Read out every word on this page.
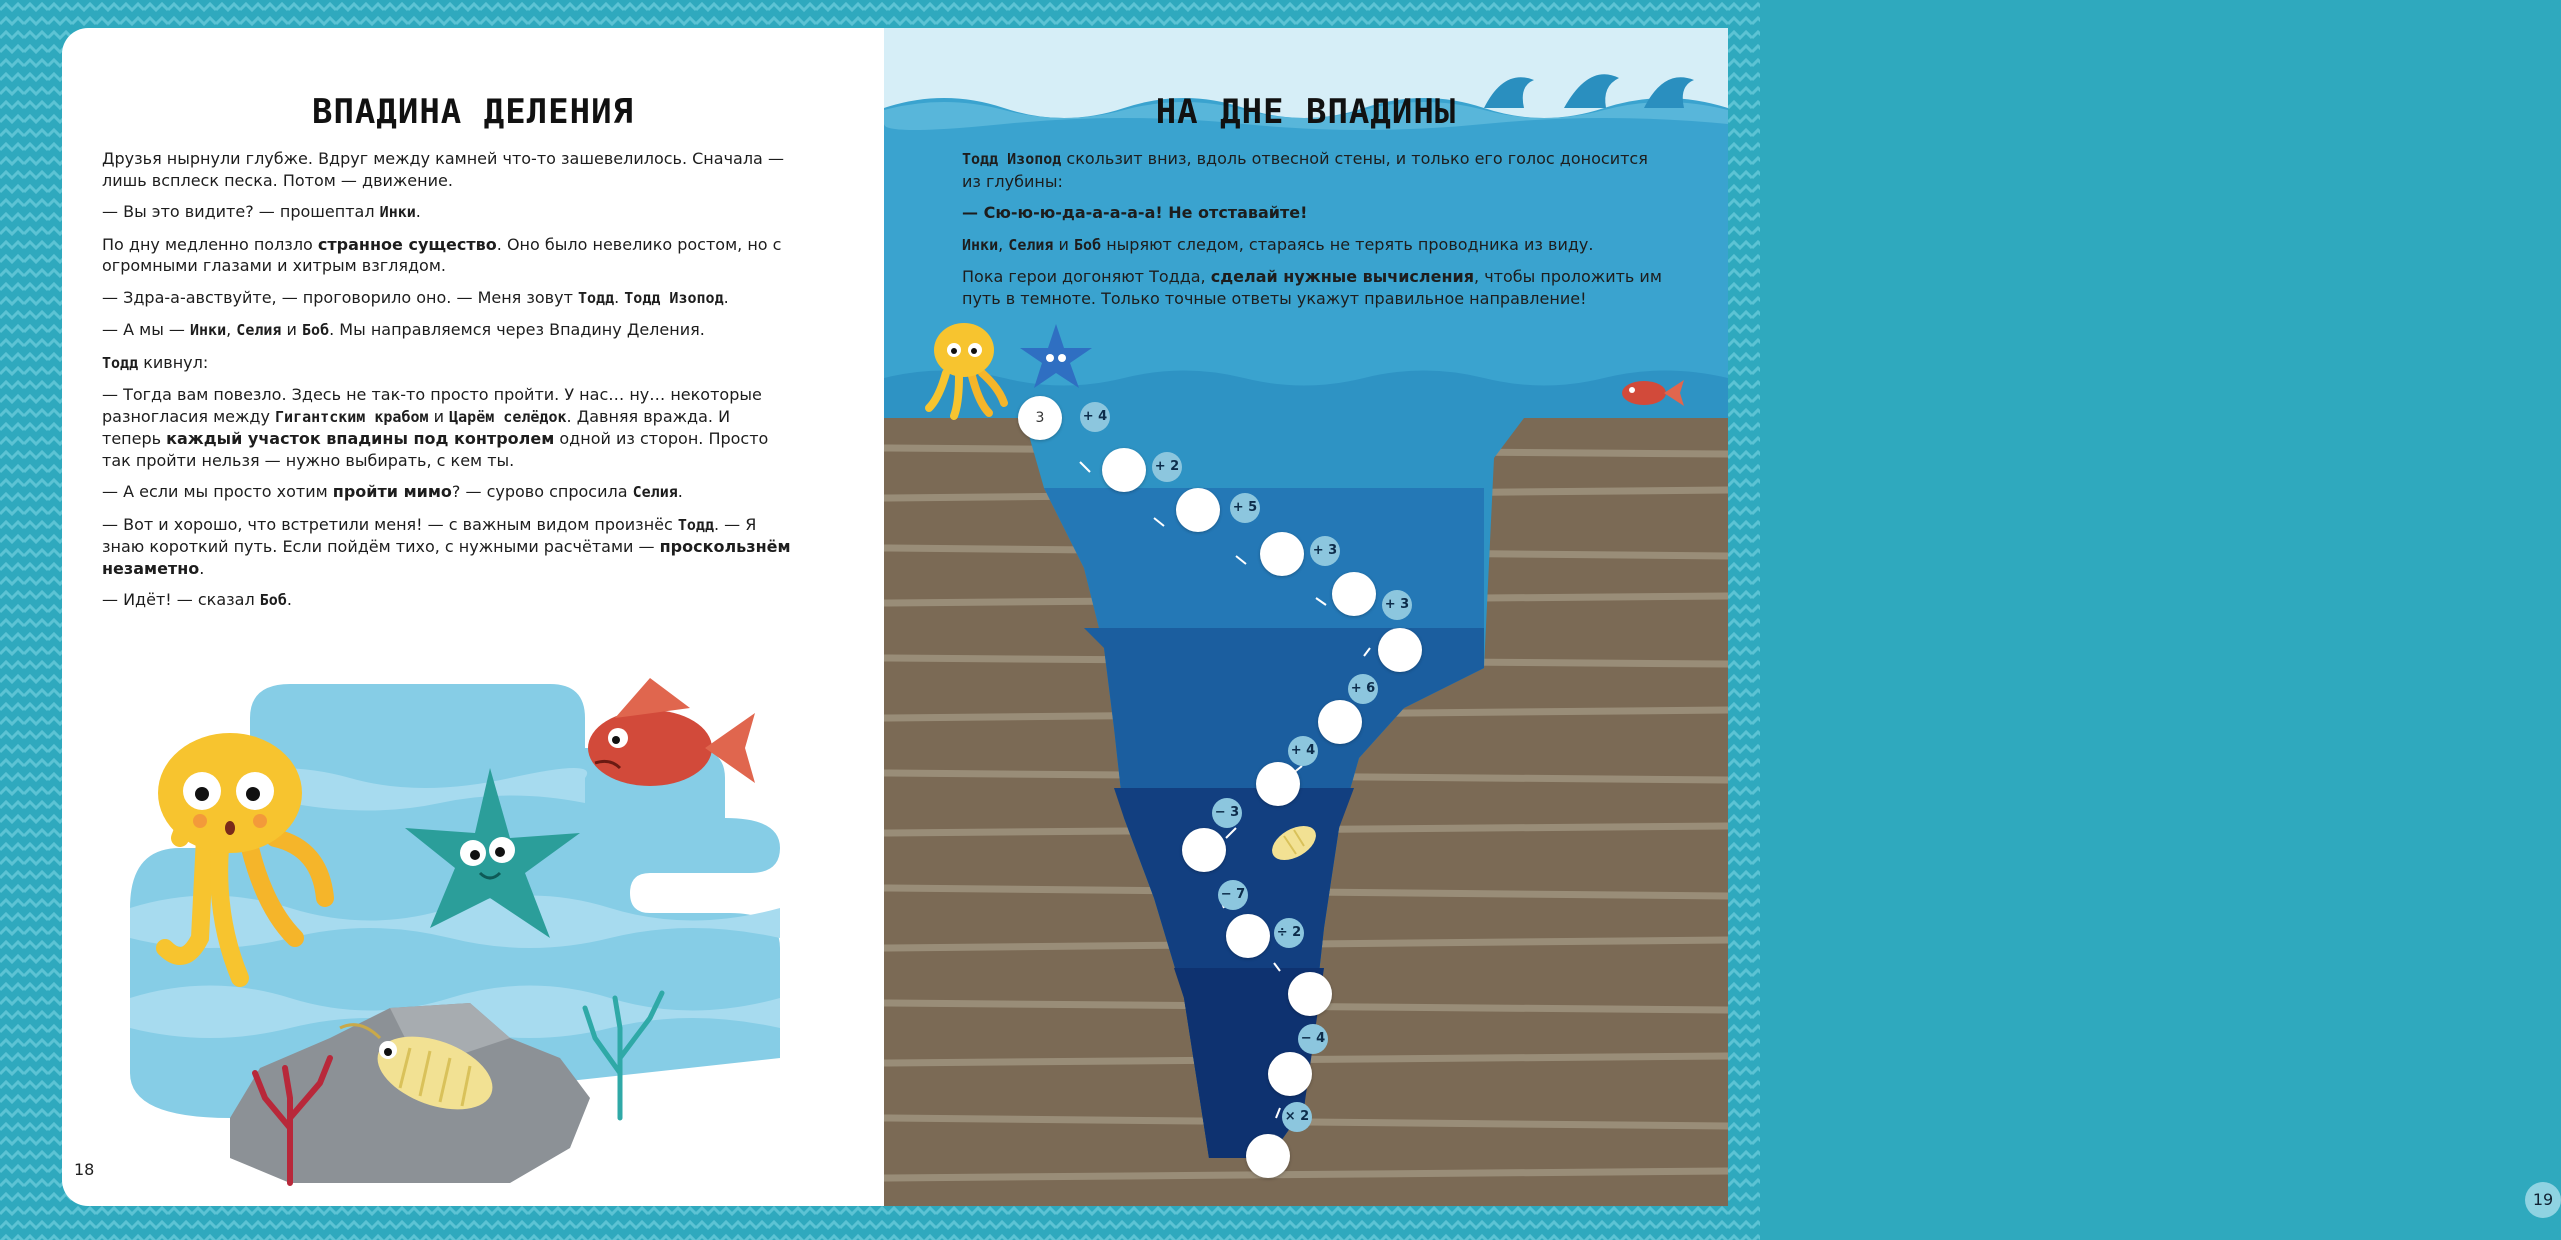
ВПАДИНА ДЕЛЕНИЯ

Друзья нырнули глубже. Вдруг между камней что-то зашевелилось. Сначала — лишь всплеск песка. Потом — движение.

— Вы это видите? — прошептал Инки.

По дну медленно ползло странное существо. Оно было невелико ростом, но с огромными глазами и хитрым взглядом.

— Здра-а-авствуйте, — проговорило оно. — Меня зовут Тодд. Тодд Изопод.

— А мы — Инки, Селия и Боб. Мы направляемся через Впадину Деления.

Тодд кивнул:

— Тогда вам повезло. Здесь не так-то просто пройти. У нас… ну… некоторые разногласия между Гигантским крабом и Царём селёдок. Давняя вражда. И теперь каждый участок впадины под контролем одной из сторон. Просто так пройти нельзя — нужно выбирать, с кем ты.

— А если мы просто хотим пройти мимо? — сурово спросила Селия.

— Вот и хорошо, что встретили меня! — с важным видом произнёс Тодд. — Я знаю короткий путь. Если пойдём тихо, с нужными расчётами — проскользнём незаметно.

— Идёт! — сказал Боб.

18
НА ДНЕ ВПАДИНЫ

Тодд Изопод скользит вниз, вдоль отвесной стены, и только его голос доносится из глубины:

— Сю-ю-ю-да-а-а-а-а! Не отставайте!

Инки, Селия и Боб ныряют следом, стараясь не терять проводника из виду.

Пока герои догоняют Тодда, сделай нужные вычисления, чтобы проложить им путь в темноте. Только точные ответы укажут правильное направление!

3	+ 4
+ 2
+ 5
+ 3
+ 3
+ 6
+ 4
− 3
− 7
÷ 2
− 4
× 2
19
